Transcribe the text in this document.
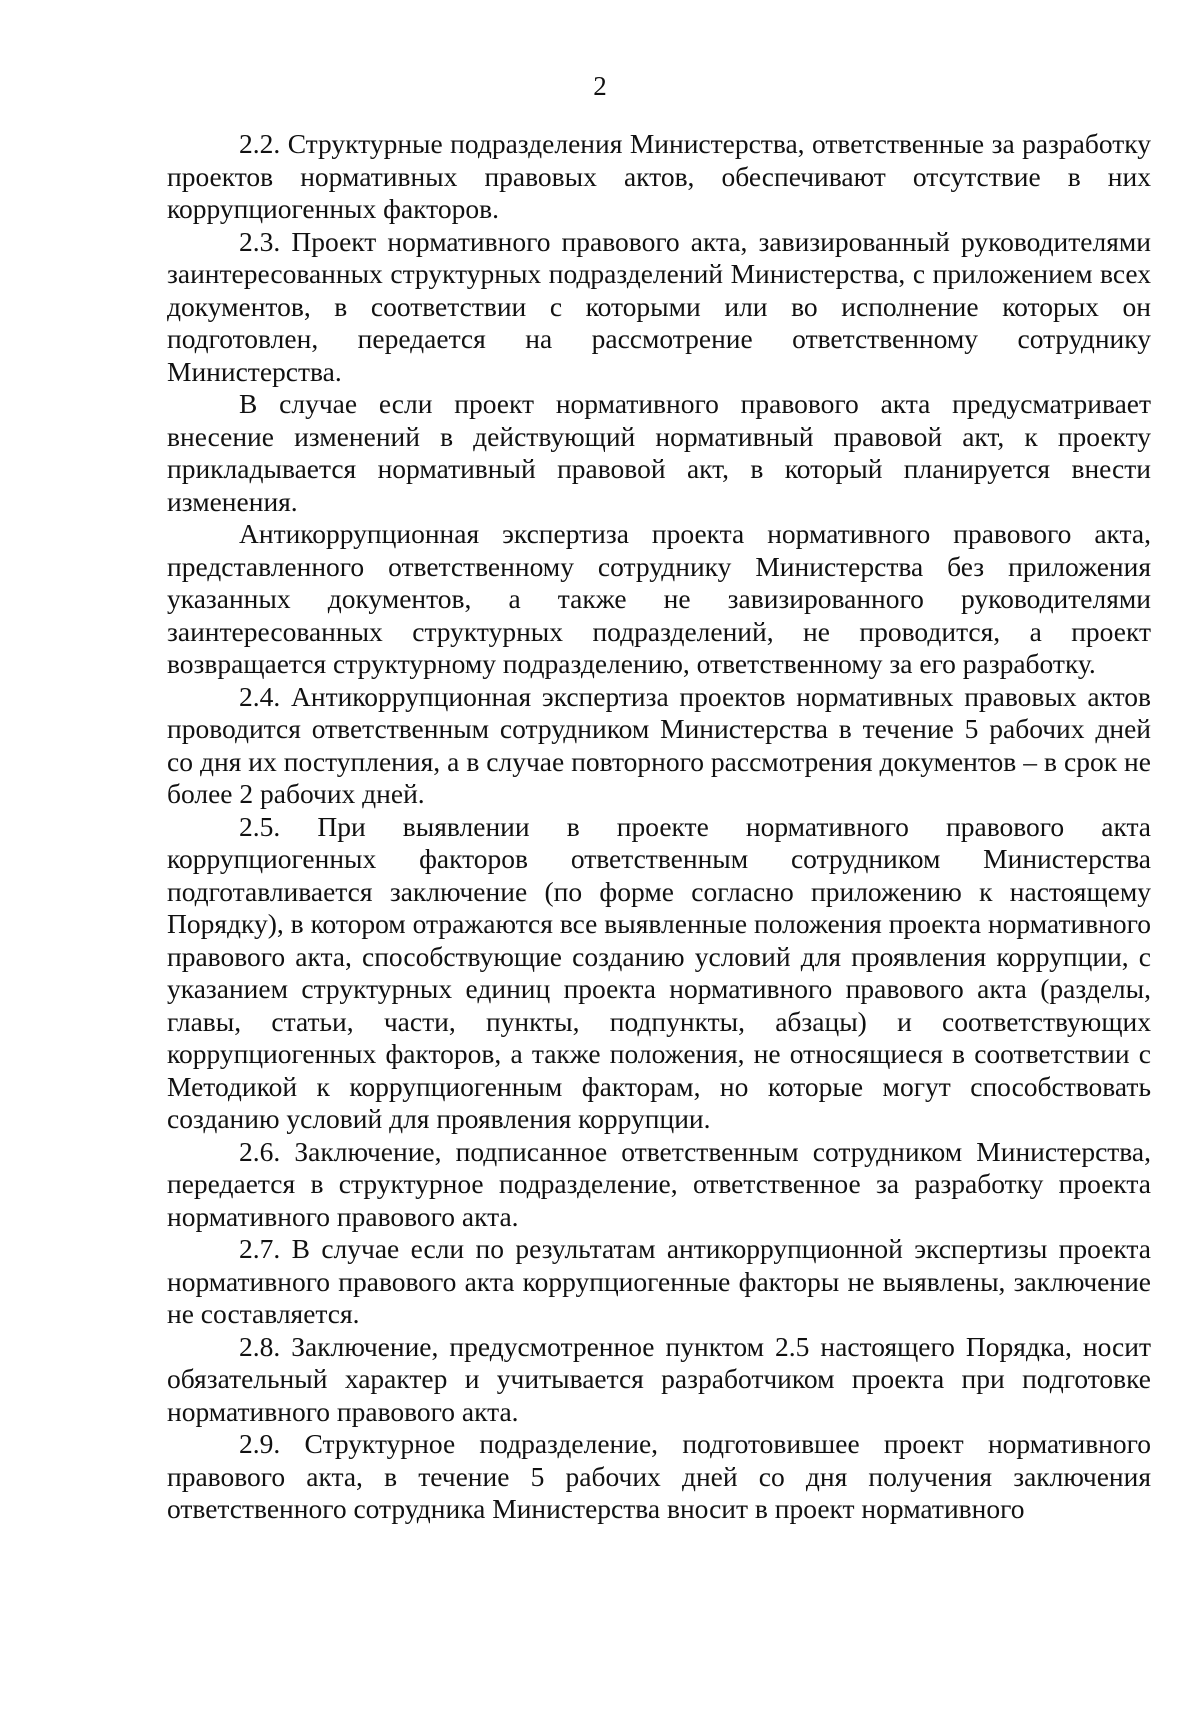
2

2.2. Структурные подразделения Министерства, ответственные за разработку проектов нормативных правовых актов, обеспечивают отсутствие в них коррупциогенных факторов.

2.3. Проект нормативного правового акта, завизированный руководителями заинтересованных структурных подразделений Министерства, с приложением всех документов, в соответствии с которыми или во исполнение которых он подготовлен, передается на рассмотрение ответственному сотруднику Министерства.

В случае если проект нормативного правового акта предусматривает внесение изменений в действующий нормативный правовой акт, к проекту прикладывается нормативный правовой акт, в который планируется внести изменения.

Антикоррупционная экспертиза проекта нормативного правового акта, представленного ответственному сотруднику Министерства без приложения указанных документов, а также не завизированного руководителями заинтересованных структурных подразделений, не проводится, а проект возвращается структурному подразделению, ответственному за его разработку.

2.4. Антикоррупционная экспертиза проектов нормативных правовых актов проводится ответственным сотрудником Министерства в течение 5 рабочих дней со дня их поступления, а в случае повторного рассмотрения документов – в срок не более 2 рабочих дней.

2.5. При выявлении в проекте нормативного правового акта коррупциогенных факторов ответственным сотрудником Министерства подготавливается заключение (по форме согласно приложению к настоящему Порядку), в котором отражаются все выявленные положения проекта нормативного правового акта, способствующие созданию условий для проявления коррупции, с указанием структурных единиц проекта нормативного правового акта (разделы, главы, статьи, части, пункты, подпункты, абзацы) и соответствующих коррупциогенных факторов, а также положения, не относящиеся в соответствии с Методикой к коррупциогенным факторам, но которые могут способствовать созданию условий для проявления коррупции.

2.6. Заключение, подписанное ответственным сотрудником Министерства, передается в структурное подразделение, ответственное за разработку проекта нормативного правового акта.

2.7. В случае если по результатам антикоррупционной экспертизы проекта нормативного правового акта коррупциогенные факторы не выявлены, заключение не составляется.

2.8. Заключение, предусмотренное пунктом 2.5 настоящего Порядка, носит обязательный характер и учитывается разработчиком проекта при подготовке нормативного правового акта.

2.9. Структурное подразделение, подготовившее проект нормативного правового акта, в течение 5 рабочих дней со дня получения заключения ответственного сотрудника Министерства вносит в проект нормативного
